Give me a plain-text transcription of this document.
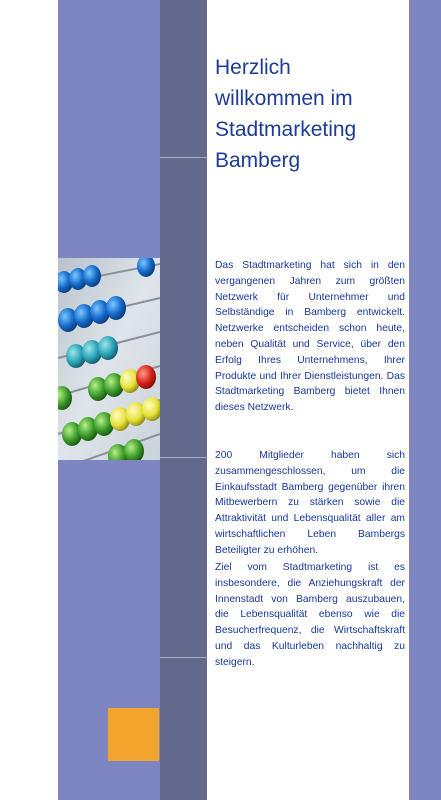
Herzlich
willkommen im
Stadtmarketing
Bamberg

Das Stadtmarketing hat sich in den vergangenen Jahren zum größten Netzwerk für Unternehmer und Selbständige in Bamberg entwickelt. Netzwerke entscheiden schon heute, neben Qualität und Service, über den Erfolg Ihres Unternehmens, Ihrer Produkte und Ihrer Dienstleistungen. Das Stadtmarketing Bamberg bietet Ihnen dieses Netzwerk.

200 Mitglieder haben sich zusammengeschlossen, um die Einkaufsstadt Bamberg gegenüber ihren Mitbewerbern zu stärken sowie die Attraktivität und Lebensqualität aller am wirtschaftlichen Leben Bambergs Beteiligter zu erhöhen.

Ziel vom Stadtmarketing ist es insbesondere, die Anziehungskraft der Innenstadt von Bamberg auszubauen, die Lebensqualität ebenso wie die Besucherfrequenz, die Wirtschaftskraft und das Kulturleben nachhaltig zu steigern.
